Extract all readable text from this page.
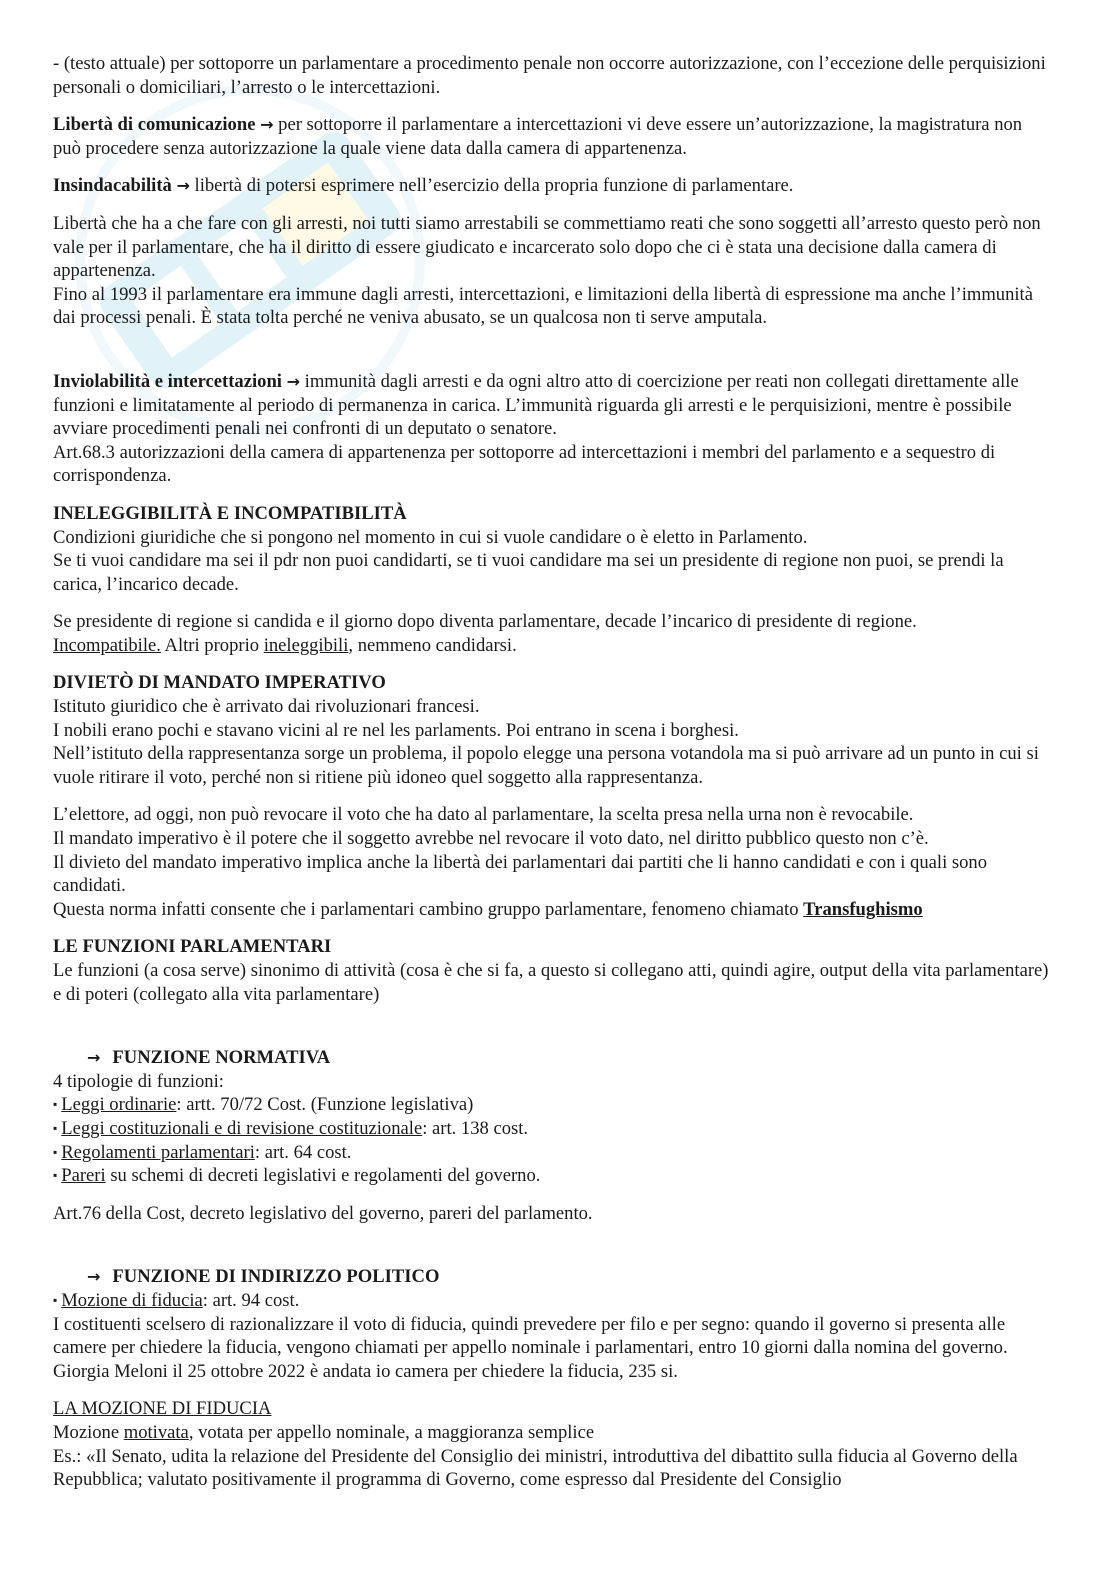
- (testo attuale) per sottoporre un parlamentare a procedimento penale non occorre autorizzazione, con l’eccezione delle perquisizioni personali o domiciliari, l’arresto o le intercettazioni.

Libertà di comunicazione → per sottoporre il parlamentare a intercettazioni vi deve essere un’autorizzazione, la magistratura non può procedere senza autorizzazione la quale viene data dalla camera di appartenenza.

Insindacabilità → libertà di potersi esprimere nell’esercizio della propria funzione di parlamentare.

Libertà che ha a che fare con gli arresti, noi tutti siamo arrestabili se commettiamo reati che sono soggetti all’arresto questo però non vale per il parlamentare, che ha il diritto di essere giudicato e incarcerato solo dopo che ci è stata una decisione dalla camera di appartenenza.

Fino al 1993 il parlamentare era immune dagli arresti, intercettazioni, e limitazioni della libertà di espressione ma anche l’immunità dai processi penali. È stata tolta perché ne veniva abusato, se un qualcosa non ti serve amputala.

Inviolabilità e intercettazioni → immunità dagli arresti e da ogni altro atto di coercizione per reati non collegati direttamente alle funzioni e limitatamente al periodo di permanenza in carica. L’immunità riguarda gli arresti e le perquisizioni, mentre è possibile avviare procedimenti penali nei confronti di un deputato o senatore.

Art.68.3 autorizzazioni della camera di appartenenza per sottoporre ad intercettazioni i membri del parlamento e a sequestro di corrispondenza.

INELEGGIBILITÀ E INCOMPATIBILITÀ

Condizioni giuridiche che si pongono nel momento in cui si vuole candidare o è eletto in Parlamento.

Se ti vuoi candidare ma sei il pdr non puoi candidarti, se ti vuoi candidare ma sei un presidente di regione non puoi, se prendi la carica, l’incarico decade.

Se presidente di regione si candida e il giorno dopo diventa parlamentare, decade l’incarico di presidente di regione.

Incompatibile. Altri proprio ineleggibili, nemmeno candidarsi.

DIVIETÒ DI MANDATO IMPERATIVO

Istituto giuridico che è arrivato dai rivoluzionari francesi.

I nobili erano pochi e stavano vicini al re nel les parlaments. Poi entrano in scena i borghesi.

Nell’istituto della rappresentanza sorge un problema, il popolo elegge una persona votandola ma si può arrivare ad un punto in cui si vuole ritirare il voto, perché non si ritiene più idoneo quel soggetto alla rappresentanza.

L’elettore, ad oggi, non può revocare il voto che ha dato al parlamentare, la scelta presa nella urna non è revocabile.

Il mandato imperativo è il potere che il soggetto avrebbe nel revocare il voto dato, nel diritto pubblico questo non c’è.

Il divieto del mandato imperativo implica anche la libertà dei parlamentari dai partiti che li hanno candidati e con i quali sono candidati.

Questa norma infatti consente che i parlamentari cambino gruppo parlamentare, fenomeno chiamato Transfughismo

LE FUNZIONI PARLAMENTARI

Le funzioni (a cosa serve) sinonimo di attività (cosa è che si fa, a questo si collegano atti, quindi agire, output della vita parlamentare) e di poteri (collegato alla vita parlamentare)

→ FUNZIONE NORMATIVA

4 tipologie di funzioni:

▪ Leggi ordinarie: artt. 70/72 Cost. (Funzione legislativa)

▪ Leggi costituzionali e di revisione costituzionale: art. 138 cost.

▪ Regolamenti parlamentari: art. 64 cost.

▪ Pareri su schemi di decreti legislativi e regolamenti del governo.

Art.76 della Cost, decreto legislativo del governo, pareri del parlamento.

→ FUNZIONE DI INDIRIZZO POLITICO

▪ Mozione di fiducia: art. 94 cost.

I costituenti scelsero di razionalizzare il voto di fiducia, quindi prevedere per filo e per segno: quando il governo si presenta alle camere per chiedere la fiducia, vengono chiamati per appello nominale i parlamentari, entro 10 giorni dalla nomina del governo.

Giorgia Meloni il 25 ottobre 2022 è andata io camera per chiedere la fiducia, 235 si.

LA MOZIONE DI FIDUCIA

Mozione motivata, votata per appello nominale, a maggioranza semplice

Es.: «Il Senato, udita la relazione del Presidente del Consiglio dei ministri, introduttiva del dibattito sulla fiducia al Governo della Repubblica; valutato positivamente il programma di Governo, come espresso dal Presidente del Consiglio
